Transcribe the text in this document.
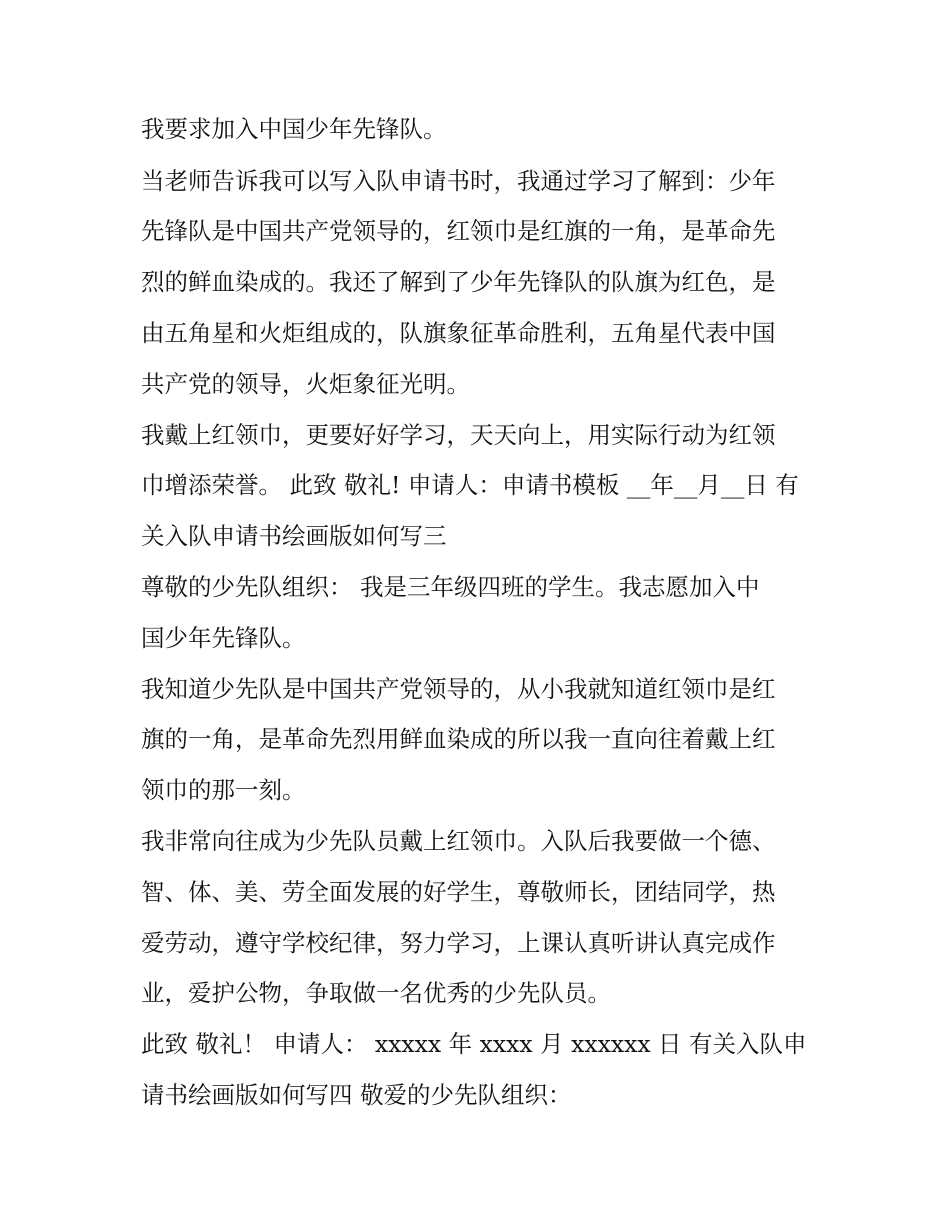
我要求加入中国少年先锋队。
当老师告诉我可以写入队申请书时，我通过学习了解到：少年
先锋队是中国共产党领导的，红领巾是红旗的一角，是革命先
烈的鲜血染成的。我还了解到了少年先锋队的队旗为红色，是
由五角星和火炬组成的，队旗象征革命胜利，五角星代表中国
共产党的领导，火炬象征光明。
我戴上红领巾，更要好好学习，天天向上，用实际行动为红领
巾增添荣誉。 此致 敬礼! 申请人：申请书模板 __年__月__日 有
关入队申请书绘画版如何写三
尊敬的少先队组织： 我是三年级四班的学生。我志愿加入中
国少年先锋队。
我知道少先队是中国共产党领导的，从小我就知道红领巾是红
旗的一角，是革命先烈用鲜血染成的所以我一直向往着戴上红
领巾的那一刻。
我非常向往成为少先队员戴上红领巾。入队后我要做一个德、
智、体、美、劳全面发展的好学生，尊敬师长，团结同学，热
爱劳动，遵守学校纪律，努力学习，上课认真听讲认真完成作
业，爱护公物，争取做一名优秀的少先队员。
此致 敬礼！ 申请人： xxxxx 年 xxxx 月 xxxxxx 日 有关入队申
请书绘画版如何写四 敬爱的少先队组织：
